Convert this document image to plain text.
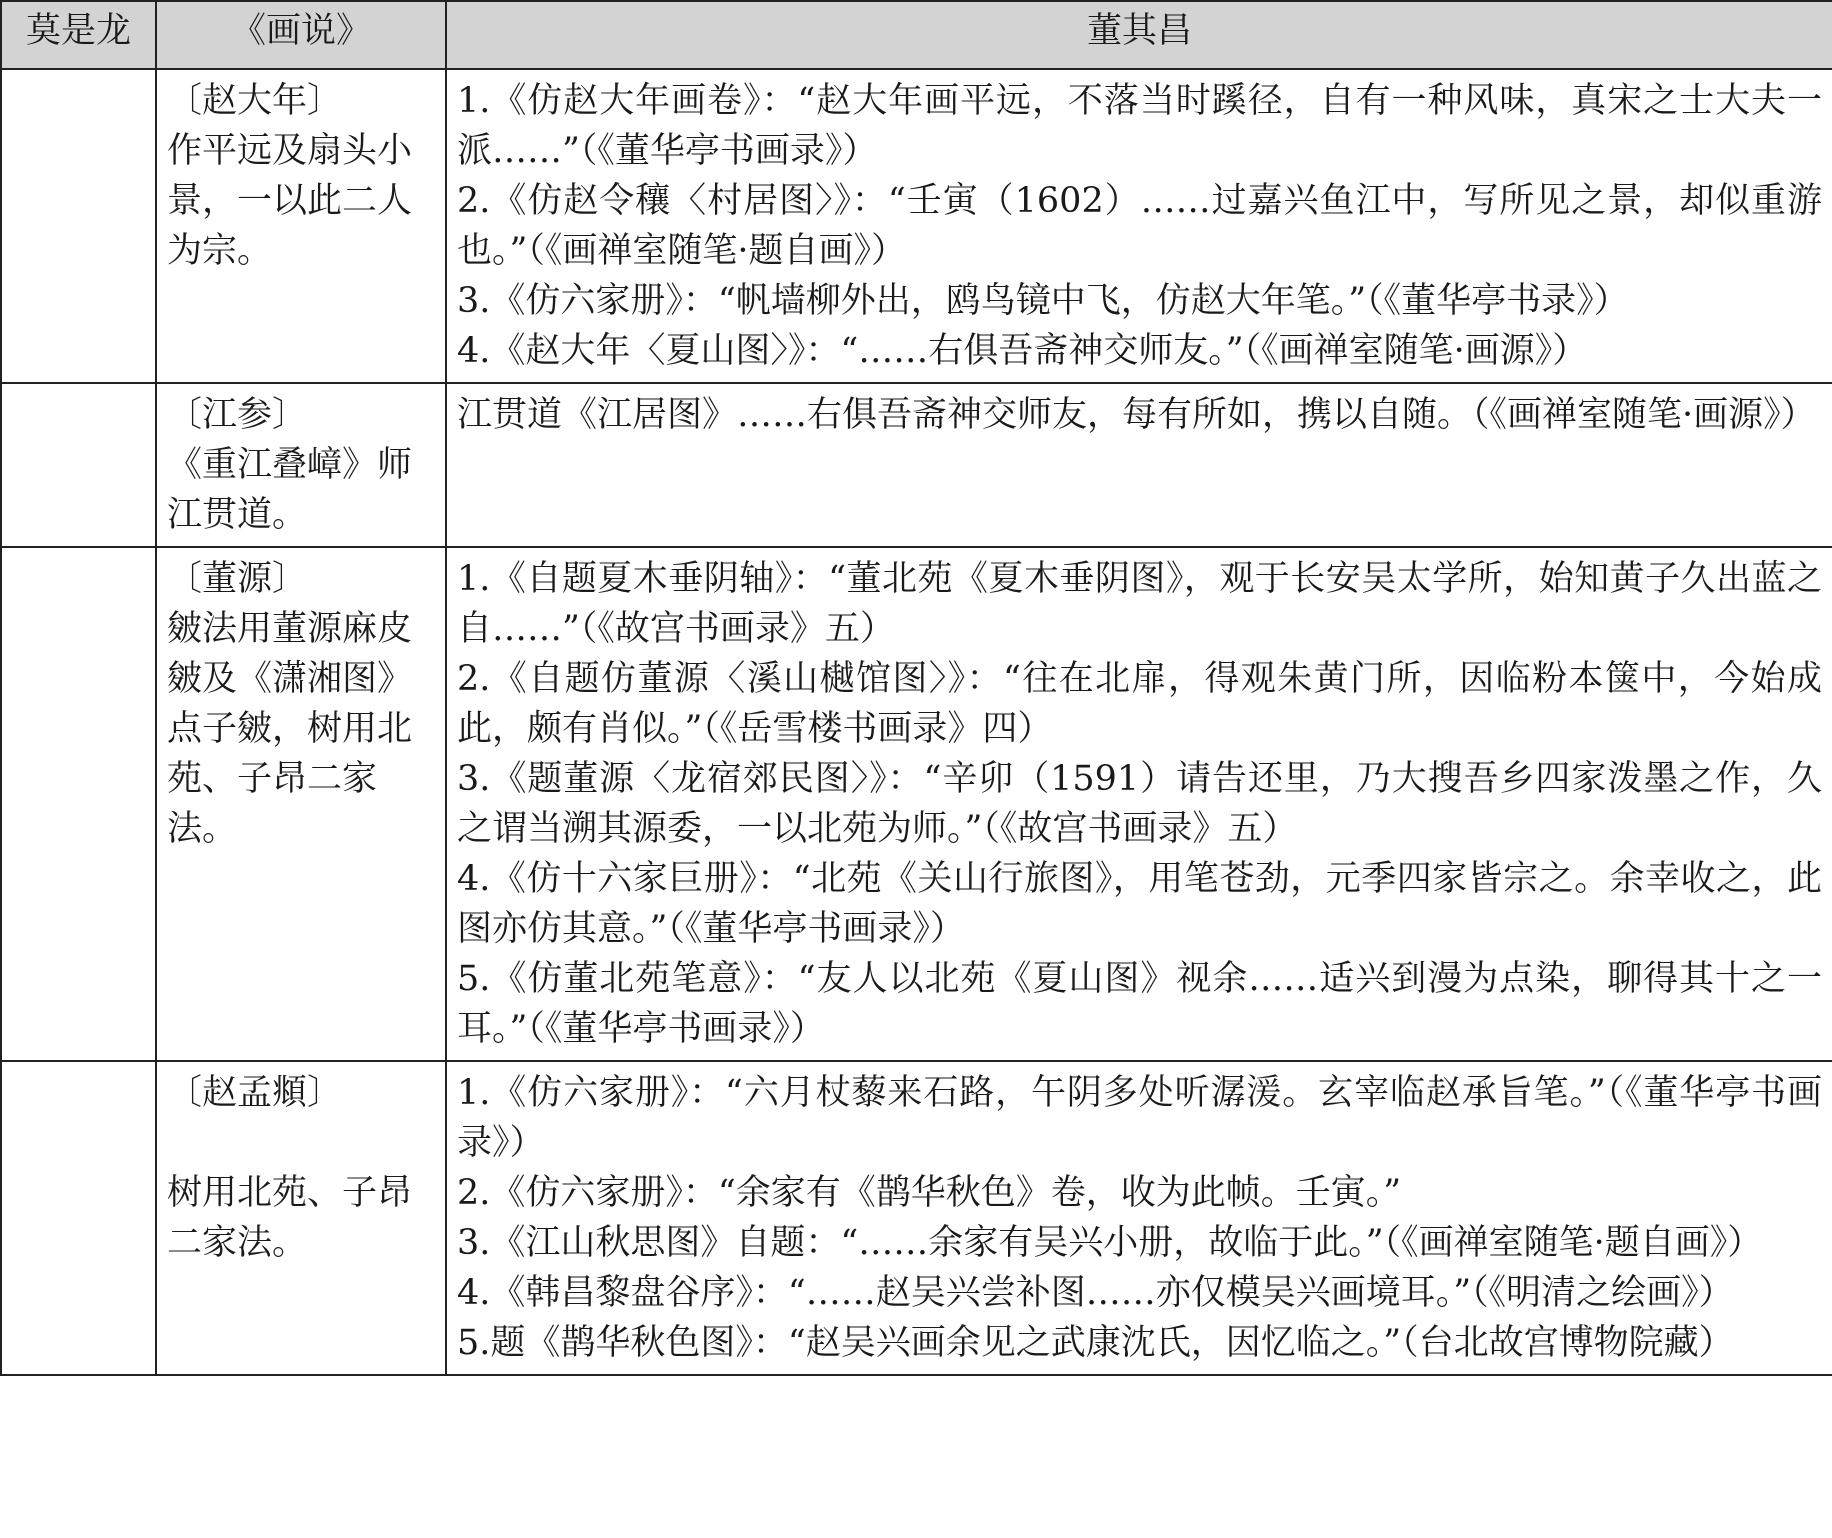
莫是龙	《画说》	董其昌

	〔赵大年〕
作平远及扇头小景，一以此二人为宗。	1.《仿赵大年画卷》：“赵大年画平远，不落当时蹊径，自有一种风味，真宋之士大夫一派……”（《董华亭书画录》）
2.《仿赵令穰〈村居图〉》：“壬寅（1602）……过嘉兴鱼江中，写所见之景，却似重游也。”（《画禅室随笔·题自画》）
3.《仿六家册》：“帆墙柳外出，鸥鸟镜中飞，仿赵大年笔。”（《董华亭书录》）
4.《赵大年〈夏山图〉》：“……右俱吾斋神交师友。”（《画禅室随笔·画源》）

	〔江参〕
《重江叠嶂》师江贯道。	江贯道《江居图》……右俱吾斋神交师友，每有所如，携以自随。（《画禅室随笔·画源》）

	〔董源〕
皴法用董源麻皮皴及《潇湘图》点子皴，树用北苑、子昂二家法。	1.《自题夏木垂阴轴》：“董北苑《夏木垂阴图》，观于长安吴太学所，始知黄子久出蓝之自……”（《故宫书画录》五）
2.《自题仿董源〈溪山樾馆图〉》：“往在北扉，得观朱黄门所，因临粉本箧中，今始成此，颇有肖似。”（《岳雪楼书画录》四）
3.《题董源〈龙宿郊民图〉》：“辛卯（1591）请告还里，乃大搜吾乡四家泼墨之作，久之谓当溯其源委，一以北苑为师。”（《故宫书画录》五）
4.《仿十六家巨册》：“北苑《关山行旅图》，用笔苍劲，元季四家皆宗之。余幸收之，此图亦仿其意。”（《董华亭书画录》）
5.《仿董北苑笔意》：“友人以北苑《夏山图》视余……适兴到漫为点染，聊得其十之一耳。”（《董华亭书画录》）

	〔赵孟頫〕
树用北苑、子昂二家法。	1.《仿六家册》：“六月杖藜来石路，午阴多处听潺湲。玄宰临赵承旨笔。”（《董华亭书画录》）
2.《仿六家册》：“余家有《鹊华秋色》卷，收为此帧。壬寅。”
3.《江山秋思图》自题：“……余家有吴兴小册，故临于此。”（《画禅室随笔·题自画》）
4.《韩昌黎盘谷序》：“……赵吴兴尝补图……亦仅模吴兴画境耳。”（《明清之绘画》）
5.题《鹊华秋色图》：“赵吴兴画余见之武康沈氏，因忆临之。”（台北故宫博物院藏）
